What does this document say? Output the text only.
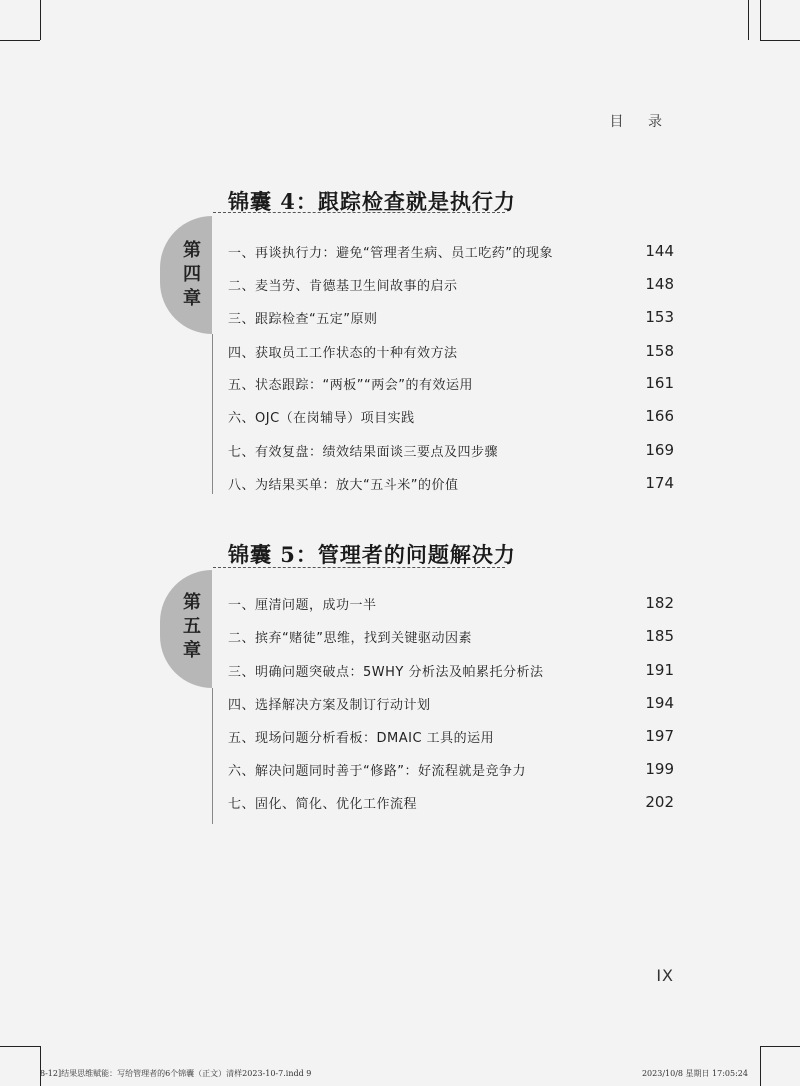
目 录
锦囊 4：跟踪检查就是执行力
第
四
章
一、再谈执行力：避免“管理者生病、员工吃药”的现象	144
二、麦当劳、肯德基卫生间故事的启示	148
三、跟踪检查“五定”原则	153
四、获取员工工作状态的十种有效方法	158
五、状态跟踪：“两板”“两会”的有效运用	161
六、OJC（在岗辅导）项目实践	166
七、有效复盘：绩效结果面谈三要点及四步骤	169
八、为结果买单：放大“五斗米”的价值	174
锦囊 5：管理者的问题解决力
第
五
章
一、厘清问题，成功一半	182
二、摈弃“赌徒”思维，找到关键驱动因素	185
三、明确问题突破点：5WHY 分析法及帕累托分析法	191
四、选择解决方案及制订行动计划	194
五、现场问题分析看板：DMAIC 工具的运用	197
六、解决问题同时善于“修路”：好流程就是竞争力	199
七、固化、简化、优化工作流程	202
IX
8-12]结果思维赋能：写给管理者的6个锦囊（正文）清样2023-10-7.indd 9	2023/10/8 星期日 17:05:24
